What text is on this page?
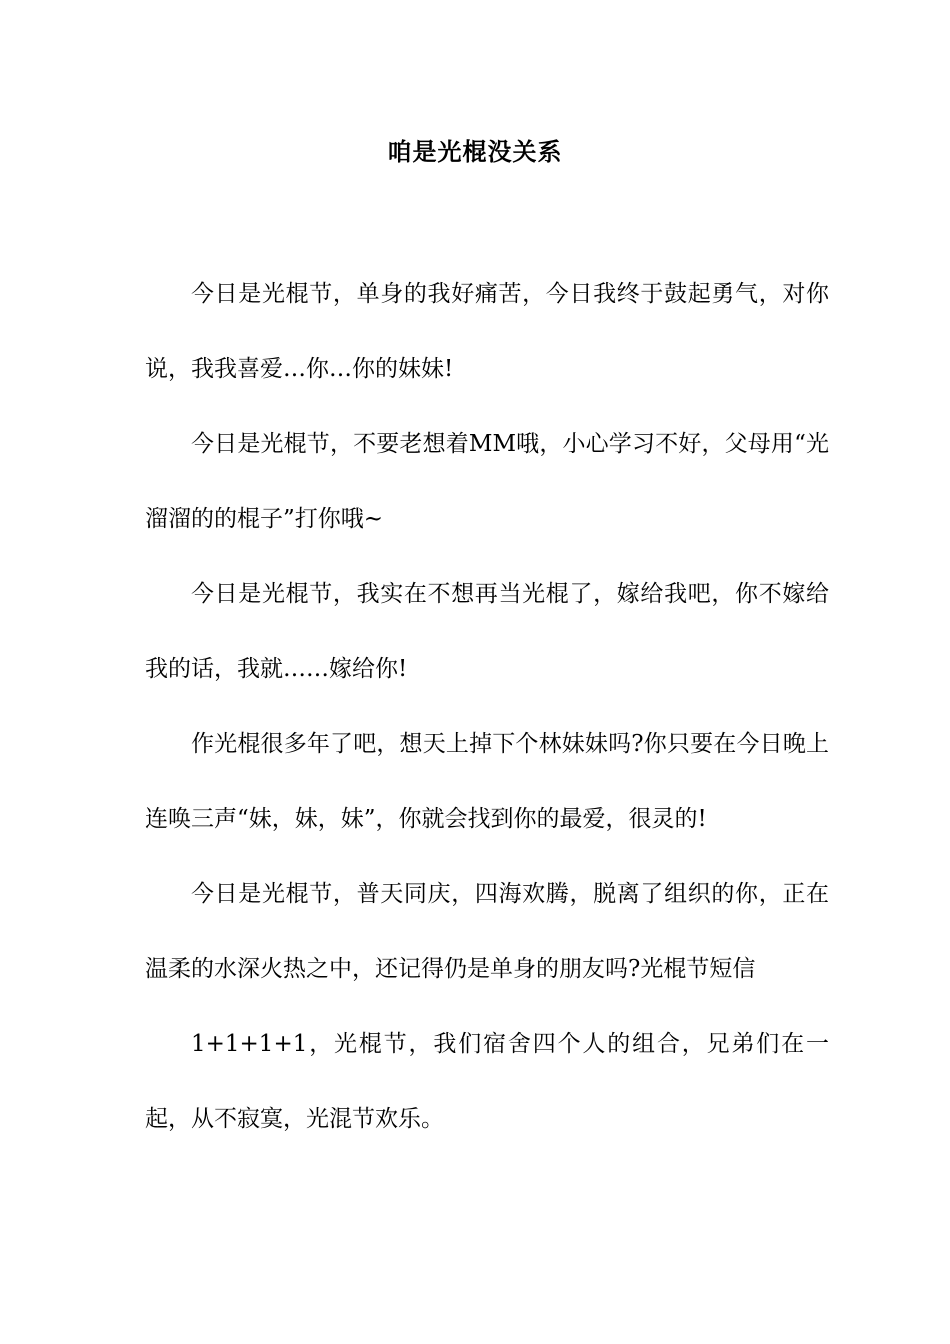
咱是光棍没关系

今日是光棍节，单身的我好痛苦，今日我终于鼓起勇气，对你说，我我喜爱…你…你的妹妹!

今日是光棍节，不要老想着MM哦，小心学习不好，父母用“光溜溜的的棍子”打你哦~

今日是光棍节，我实在不想再当光棍了，嫁给我吧，你不嫁给我的话，我就……嫁给你!

作光棍很多年了吧，想天上掉下个林妹妹吗?你只要在今日晚上连唤三声“妹，妹，妹”，你就会找到你的最爱，很灵的!

今日是光棍节，普天同庆，四海欢腾，脱离了组织的你，正在温柔的水深火热之中，还记得仍是单身的朋友吗?光棍节短信

1+1+1+1，光棍节，我们宿舍四个人的组合，兄弟们在一起，从不寂寞，光混节欢乐。
